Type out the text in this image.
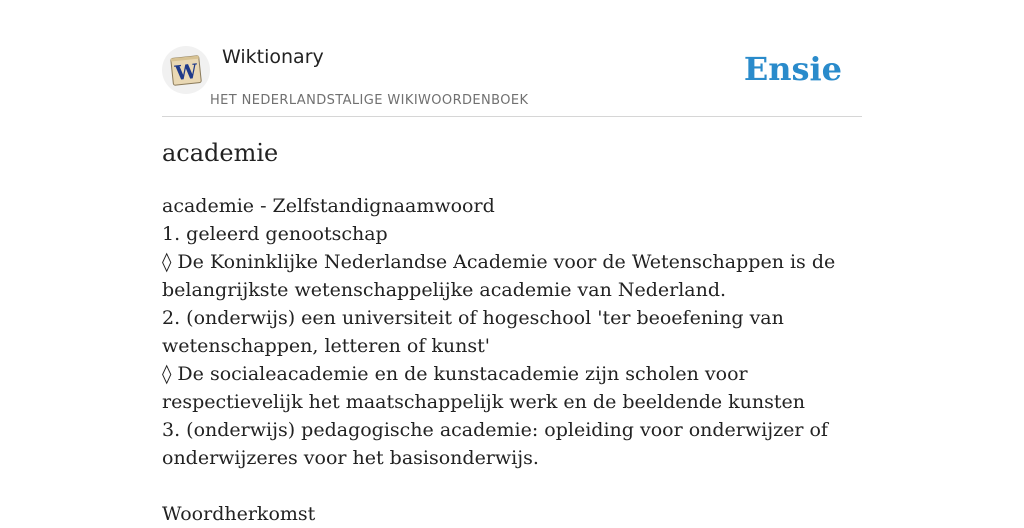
W
Wiktionary
HET NEDERLANDSTALIGE WIKIWOORDENBOEK
Ensie
academie

academie - Zelfstandignaamwoord

1. geleerd genootschap

◊ De Koninklijke Nederlandse Academie voor de Wetenschappen is de belangrijkste wetenschappelijke academie van Nederland.

2. (onderwijs) een universiteit of hogeschool 'ter beoefening van wetenschappen, letteren of kunst'

◊ De socialeacademie en de kunstacademie zijn scholen voor respectievelijk het maatschappelijk werk en de beeldende kunsten

3. (onderwijs) pedagogische academie: opleiding voor onderwijzer of onderwijzeres voor het basisonderwijs.

Woordherkomst
